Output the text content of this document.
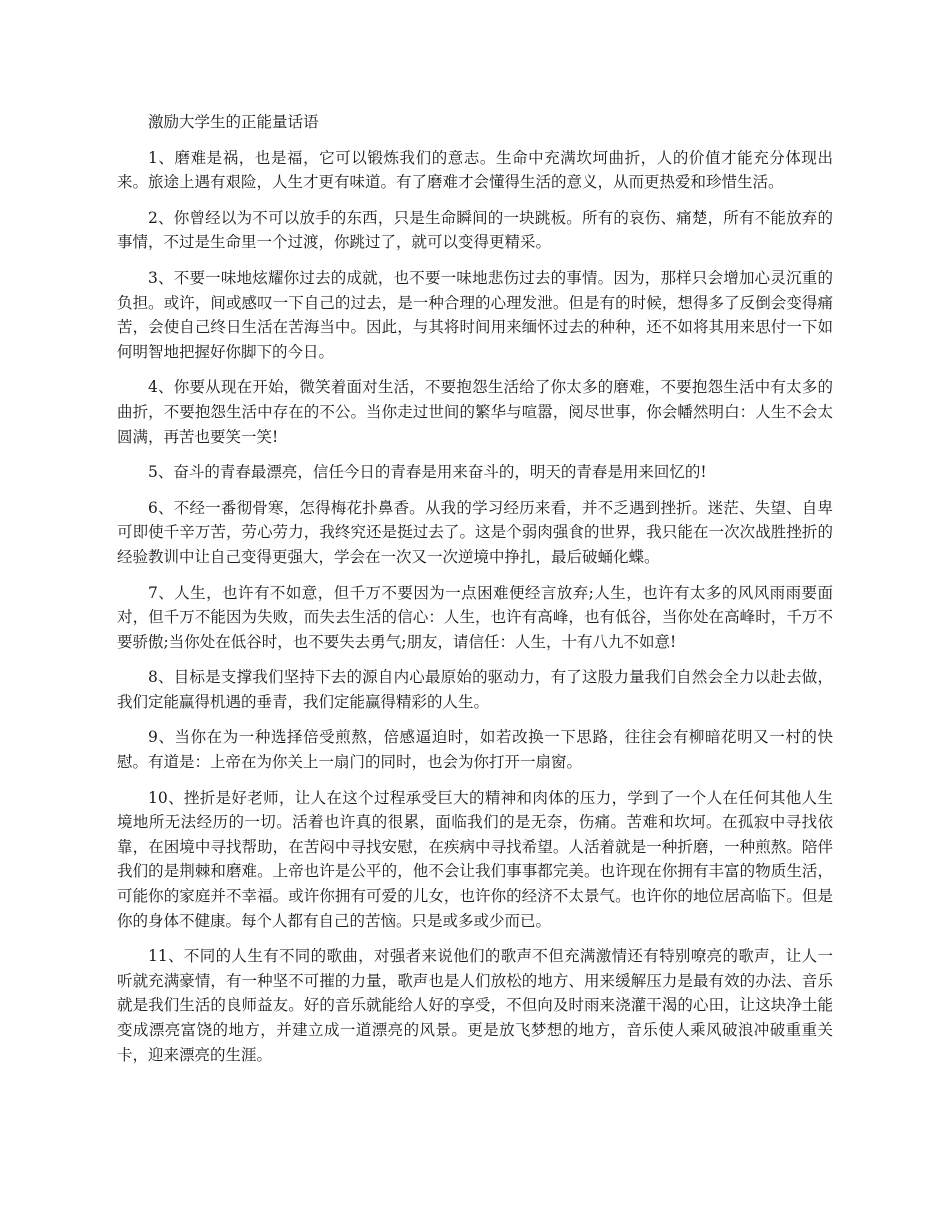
激励大学生的正能量话语

1、磨难是祸，也是福，它可以锻炼我们的意志。生命中充满坎坷曲折，人的价值才能充分体现出来。旅途上遇有艰险，人生才更有味道。有了磨难才会懂得生活的意义，从而更热爱和珍惜生活。

2、你曾经以为不可以放手的东西，只是生命瞬间的一块跳板。所有的哀伤、痛楚，所有不能放弃的事情，不过是生命里一个过渡，你跳过了，就可以变得更精采。

3、不要一味地炫耀你过去的成就，也不要一味地悲伤过去的事情。因为，那样只会增加心灵沉重的负担。或许，间或感叹一下自己的过去，是一种合理的心理发泄。但是有的时候，想得多了反倒会变得痛苦，会使自己终日生活在苦海当中。因此，与其将时间用来缅怀过去的种种，还不如将其用来思付一下如何明智地把握好你脚下的今日。

4、你要从现在开始，微笑着面对生活，不要抱怨生活给了你太多的磨难，不要抱怨生活中有太多的曲折，不要抱怨生活中存在的不公。当你走过世间的繁华与喧嚣，阅尽世事，你会幡然明白：人生不会太圆满，再苦也要笑一笑!

5、奋斗的青春最漂亮，信任今日的青春是用来奋斗的，明天的青春是用来回忆的!

6、不经一番彻骨寒，怎得梅花扑鼻香。从我的学习经历来看，并不乏遇到挫折。迷茫、失望、自卑可即使千辛万苦，劳心劳力，我终究还是挺过去了。这是个弱肉强食的世界，我只能在一次次战胜挫折的经验教训中让自己变得更强大，学会在一次又一次逆境中挣扎，最后破蛹化蝶。

7、人生，也许有不如意，但千万不要因为一点困难便经言放弃;人生，也许有太多的风风雨雨要面对，但千万不能因为失败，而失去生活的信心：人生，也许有高峰，也有低谷，当你处在高峰时，千万不要骄傲;当你处在低谷时，也不要失去勇气;朋友，请信任：人生，十有八九不如意!

8、目标是支撑我们坚持下去的源自内心最原始的驱动力，有了这股力量我们自然会全力以赴去做，我们定能赢得机遇的垂青，我们定能赢得精彩的人生。

9、当你在为一种选择倍受煎熬，倍感逼迫时，如若改换一下思路，往往会有柳暗花明又一村的快慰。有道是：上帝在为你关上一扇门的同时，也会为你打开一扇窗。

10、挫折是好老师，让人在这个过程承受巨大的精神和肉体的压力，学到了一个人在任何其他人生境地所无法经历的一切。活着也许真的很累，面临我们的是无奈，伤痛。苦难和坎坷。在孤寂中寻找依靠，在困境中寻找帮助，在苦闷中寻找安慰，在疾病中寻找希望。人活着就是一种折磨，一种煎熬。陪伴我们的是荆棘和磨难。上帝也许是公平的，他不会让我们事事都完美。也许现在你拥有丰富的物质生活，可能你的家庭并不幸福。或许你拥有可爱的儿女，也许你的经济不太景气。也许你的地位居高临下。但是你的身体不健康。每个人都有自己的苦恼。只是或多或少而已。

11、不同的人生有不同的歌曲，对强者来说他们的歌声不但充满激情还有特别嘹亮的歌声，让人一听就充满豪情，有一种坚不可摧的力量，歌声也是人们放松的地方、用来缓解压力是最有效的办法、音乐就是我们生活的良师益友。好的音乐就能给人好的享受，不但向及时雨来浇灌干渴的心田，让这块净土能变成漂亮富饶的地方，并建立成一道漂亮的风景。更是放飞梦想的地方，音乐使人乘风破浪冲破重重关卡，迎来漂亮的生涯。
